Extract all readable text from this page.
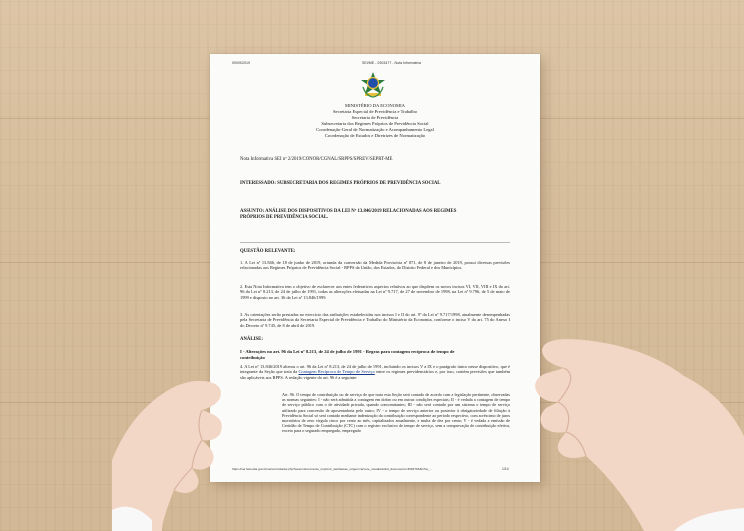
09/09/2019	SEI/ME - 2903477 - Nota Informativa
MINISTÉRIO DA ECONOMIA
Secretaria Especial de Previdência e Trabalho
Secretaria de Previdência
Subsecretaria dos Regimes Próprios de Previdência Social
Coordenação-Geral de Normatização e Acompanhamento Legal
Coordenação de Estudos e Diretrizes de Normatização
Nota Informativa SEI nº 2/2019/CONOR/CGNAL/SRPPS/SPREV/SEPRT-ME
INTERESSADO: SUBSECRETARIA DOS REGIMES PRÓPRIOS DE PREVIDÊNCIA SOCIAL
ASSUNTO: ANÁLISE DOS DISPOSITIVOS DA LEI Nº 13.846/2019 RELACIONADAS AOS REGIMES
PRÓPRIOS DE PREVIDÊNCIA SOCIAL.
QUESTÃO RELEVANTE:
1. A Lei nº 13.846, de 18 de junho de 2019, oriunda da conversão da Medida Provisória nº 871, de 8 de janeiro de 2019, possui diversas previsões relacionadas aos Regimes Próprios de Previdência Social - RPPS da União, dos Estados, do Distrito Federal e dos Municípios.
2. Esta Nota Informativa tem o objetivo de esclarecer aos entes federativos aspectos relativos ao que dispõem os novos incisos VI, VII, VIII e IX do art. 96 da Lei nº 8.213, de 24 de julho de 1991, todas as alterações efetuadas na Lei nº 9.717, de 27 de novembro de 1998, na Lei nº 9.796, de 5 de maio de 1999 e disposto no art. 36 da Lei nº 13.846/1999.
3. As orientações serão prestadas no exercício das atribuições estabelecidas nos incisos I e II do art. 9º da Lei nº 9.717/1998, atualmente desempenhadas pela Secretaria de Previdência da Secretaria Especial de Previdência e Trabalho do Ministério da Economia, conforme o inciso V do art. 75 do Anexo I do Decreto nº 9.745, de 8 de abril de 2019.
ANÁLISE:
I - Alterações no art. 96 da Lei nº 8.213, de 24 de julho de 1991 - Regras para contagem recíproca de tempo de
contribuição
4. A Lei nº 13.846/2019 alterou o art. 96 da Lei nº 8.213, de 24 de julho de 1991, incluindo os incisos V a IX e o parágrafo único nesse dispositivo, que é integrante da Seção que trata da Contagem Recíproca de Tempo de Serviço entre os regimes previdenciários e, por isso, contém previsões que também são aplicáveis aos RPPS. A redação vigente do art. 96 é a seguinte:
Art. 96. O tempo de contribuição ou de serviço de que trata esta Seção será contado de acordo com a legislação pertinente, observadas as normas seguintes: I - não será admitida a contagem em dobro ou em outras condições especiais; II - é vedada a contagem de tempo de serviço público com o de atividade privada, quando concomitantes; III - não será contado por um sistema o tempo de serviço utilizado para concessão de aposentadoria pelo outro; IV - o tempo de serviço anterior ou posterior à obrigatoriedade de filiação à Previdência Social só será contado mediante indenização da contribuição correspondente ao período respectivo, com acréscimo de juros moratórios de zero vírgula cinco por cento ao mês, capitalizados anualmente, e multa de dez por cento; V - é vedada a emissão de Certidão de Tempo de Contribuição (CTC) com o registro exclusivo de tempo de serviço, sem a comprovação de contribuição efetiva, exceto para o segurado empregado, empregado
https://sei.fazenda.gov.br/sei/controlador.php?acao=documento_imprimir_web&acao_origem=arvore_visualizar&id_documento=3094764&infra_...	1/14
